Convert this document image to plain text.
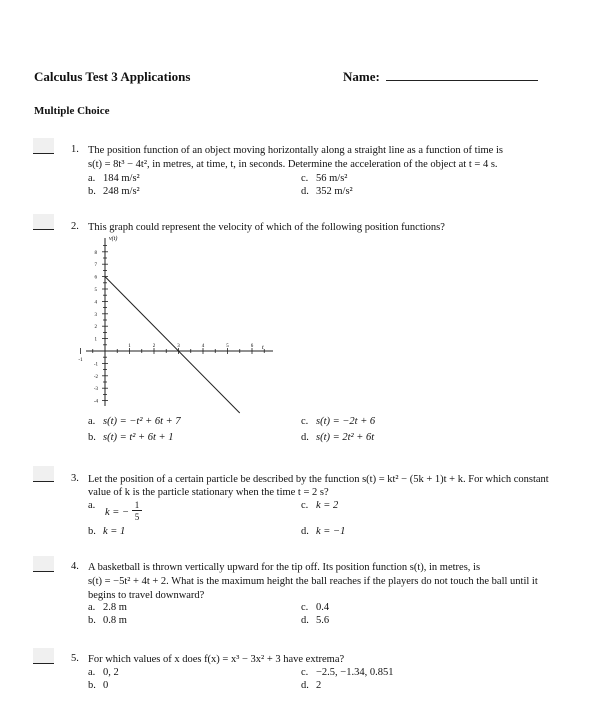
Calculus Test 3 Applications	Name:
Multiple Choice
1. The position function of an object moving horizontally along a straight line as a function of time is
s(t) = 8t³ − 4t², in metres, at time, t, in seconds. Determine the acceleration of the object at t = 4 s.
a. 184 m/s²
b. 248 m/s²
c. 56 m/s²
d. 352 m/s²
2. This graph could represent the velocity of which of the following position functions?
v(t)
t
8
7
6
5
4
3
2
1
-1
-2
-3
-4
1	2	3	4	5	6
-1
a. s(t) = −t² + 6t + 7
b. s(t) = t² + 6t + 1
c. s(t) = −2t + 6
d. s(t) = 2t² + 6t
3. Let the position of a certain particle be described by the function s(t) = kt² − (5k + 1)t + k. For which constant
value of k is the particle stationary when the time t = 2 s?
a.
k = −
1
5
b. k = 1
c. k = 2
d. k = −1
4. A basketball is thrown vertically upward for the tip off. Its position function s(t), in metres, is
s(t) = −5t² + 4t + 2. What is the maximum height the ball reaches if the players do not touch the ball until it
begins to travel downward?
a. 2.8 m
b. 0.8 m
c. 0.4
d. 5.6
5. For which values of x does f(x) = x³ − 3x² + 3 have extrema?
a. 0, 2
b. 0
c. −2.5, −1.34, 0.851
d. 2
